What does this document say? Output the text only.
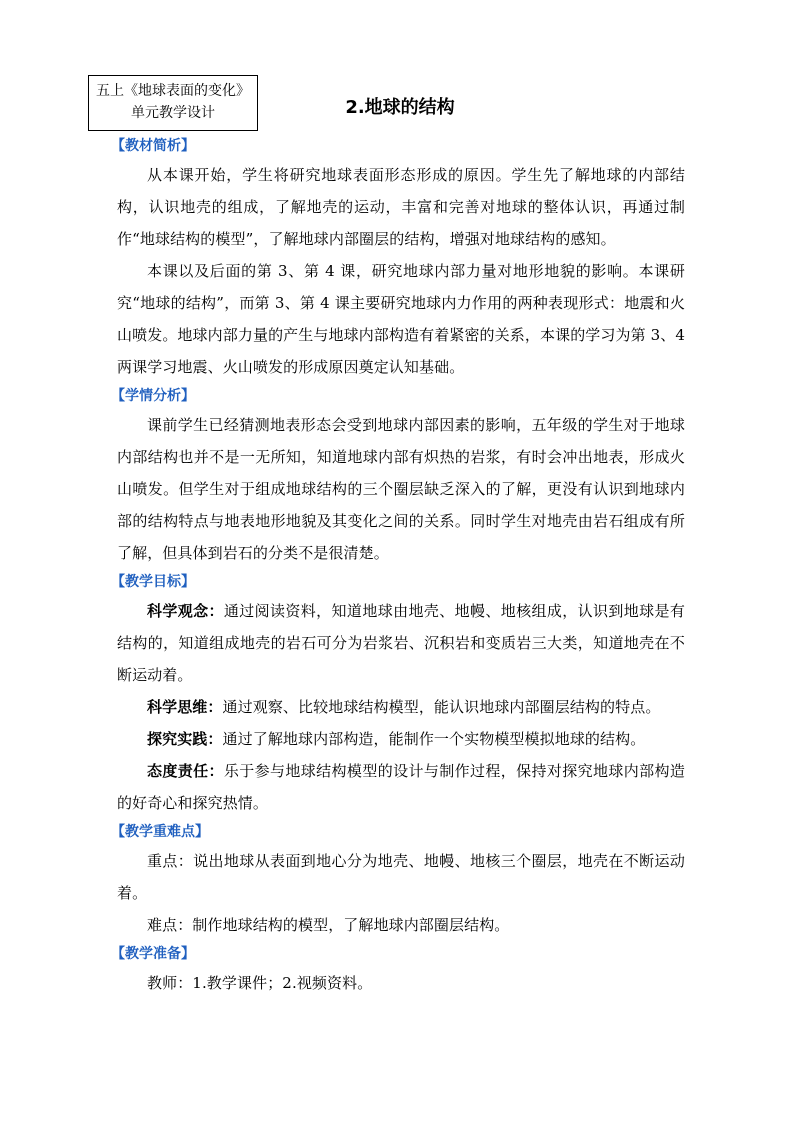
五上《地球表面的变化》
单元教学设计	2.地球的结构
【教材简析】

从本课开始，学生将研究地球表面形态形成的原因。学生先了解地球的内部结构，认识地壳的组成，了解地壳的运动，丰富和完善对地球的整体认识，再通过制作“地球结构的模型”，了解地球内部圈层的结构，增强对地球结构的感知。

本课以及后面的第 3、第 4 课，研究地球内部力量对地形地貌的影响。本课研究“地球的结构”，而第 3、第 4 课主要研究地球内力作用的两种表现形式：地震和火山喷发。地球内部力量的产生与地球内部构造有着紧密的关系，本课的学习为第 3、4 两课学习地震、火山喷发的形成原因奠定认知基础。

【学情分析】

课前学生已经猜测地表形态会受到地球内部因素的影响，五年级的学生对于地球内部结构也并不是一无所知，知道地球内部有炽热的岩浆，有时会冲出地表，形成火山喷发。但学生对于组成地球结构的三个圈层缺乏深入的了解，更没有认识到地球内部的结构特点与地表地形地貌及其变化之间的关系。同时学生对地壳由岩石组成有所了解，但具体到岩石的分类不是很清楚。

【教学目标】

科学观念：通过阅读资料，知道地球由地壳、地幔、地核组成，认识到地球是有结构的，知道组成地壳的岩石可分为岩浆岩、沉积岩和变质岩三大类，知道地壳在不断运动着。

科学思维：通过观察、比较地球结构模型，能认识地球内部圈层结构的特点。

探究实践：通过了解地球内部构造，能制作一个实物模型模拟地球的结构。

态度责任：乐于参与地球结构模型的设计与制作过程，保持对探究地球内部构造的好奇心和探究热情。

【教学重难点】

重点：说出地球从表面到地心分为地壳、地幔、地核三个圈层，地壳在不断运动着。

难点：制作地球结构的模型，了解地球内部圈层结构。

【教学准备】

教师：1.教学课件；2.视频资料。
